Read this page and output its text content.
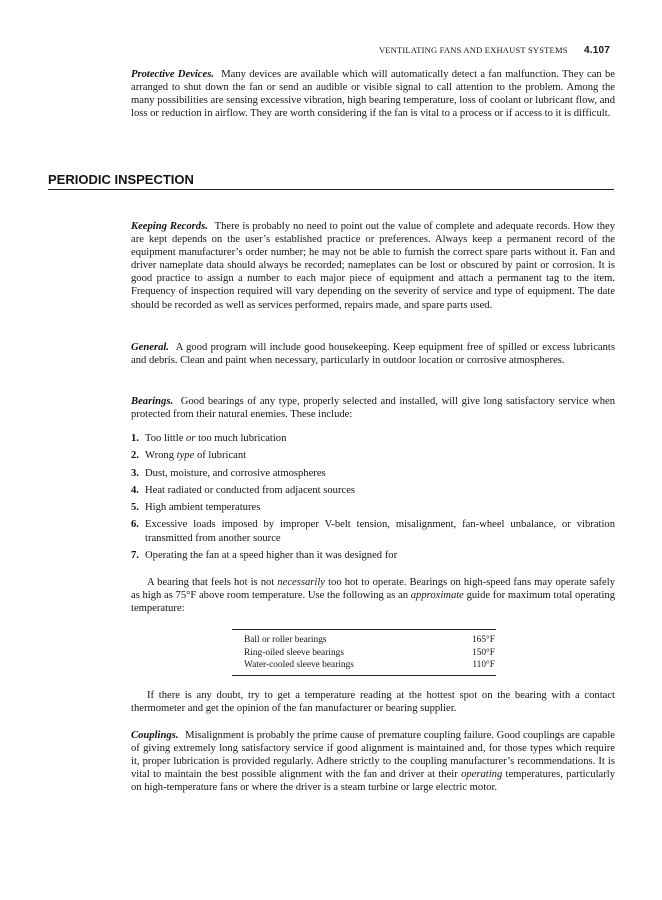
VENTILATING FANS AND EXHAUST SYSTEMS 4.107

Protective Devices. Many devices are available which will automatically detect a fan malfunction. They can be arranged to shut down the fan or send an audible or visible signal to call attention to the problem. Among the many possibilities are sensing excessive vibration, high bearing temperature, loss of coolant or lubricant flow, and loss or reduction in airflow. They are worth considering if the fan is vital to a process or if access to it is difficult.

PERIODIC INSPECTION

Keeping Records. There is probably no need to point out the value of complete and adequate records. How they are kept depends on the user’s established practice or preferences. Always keep a permanent record of the equipment manufacturer’s order number; he may not be able to furnish the correct spare parts without it. Fan and driver nameplate data should always be recorded; nameplates can be lost or obscured by paint or corrosion. It is good practice to assign a number to each major piece of equipment and attach a permanent tag to the item. Frequency of inspection required will vary depending on the severity of service and type of equipment. The date should be recorded as well as services performed, repairs made, and spare parts used.

General. A good program will include good housekeeping. Keep equipment free of spilled or excess lubricants and debris. Clean and paint when necessary, particularly in outdoor location or corrosive atmospheres.

Bearings. Good bearings of any type, properly selected and installed, will give long satisfactory service when protected from their natural enemies. These include:

1. Too little or too much lubrication
2. Wrong type of lubricant
3. Dust, moisture, and corrosive atmospheres
4. Heat radiated or conducted from adjacent sources
5. High ambient temperatures
6. Excessive loads imposed by improper V-belt tension, misalignment, fan-wheel unbalance, or vibration transmitted from another source
7. Operating the fan at a speed higher than it was designed for

A bearing that feels hot is not necessarily too hot to operate. Bearings on high-speed fans may operate safely as high as 75°F above room temperature. Use the following as an approximate guide for maximum total operating temperature:

Ball or roller bearings	165°F
Ring-oiled sleeve bearings	150°F
Water-cooled sleeve bearings	110°F

If there is any doubt, try to get a temperature reading at the hottest spot on the bearing with a contact thermometer and get the opinion of the fan manufacturer or bearing supplier.

Couplings. Misalignment is probably the prime cause of premature coupling failure. Good couplings are capable of giving extremely long satisfactory service if good alignment is maintained and, for those types which require it, proper lubrication is provided regularly. Adhere strictly to the coupling manufacturer’s recommendations. It is vital to maintain the best possible alignment with the fan and driver at their operating temperatures, particularly on high-temperature fans or where the driver is a steam turbine or large electric motor.
